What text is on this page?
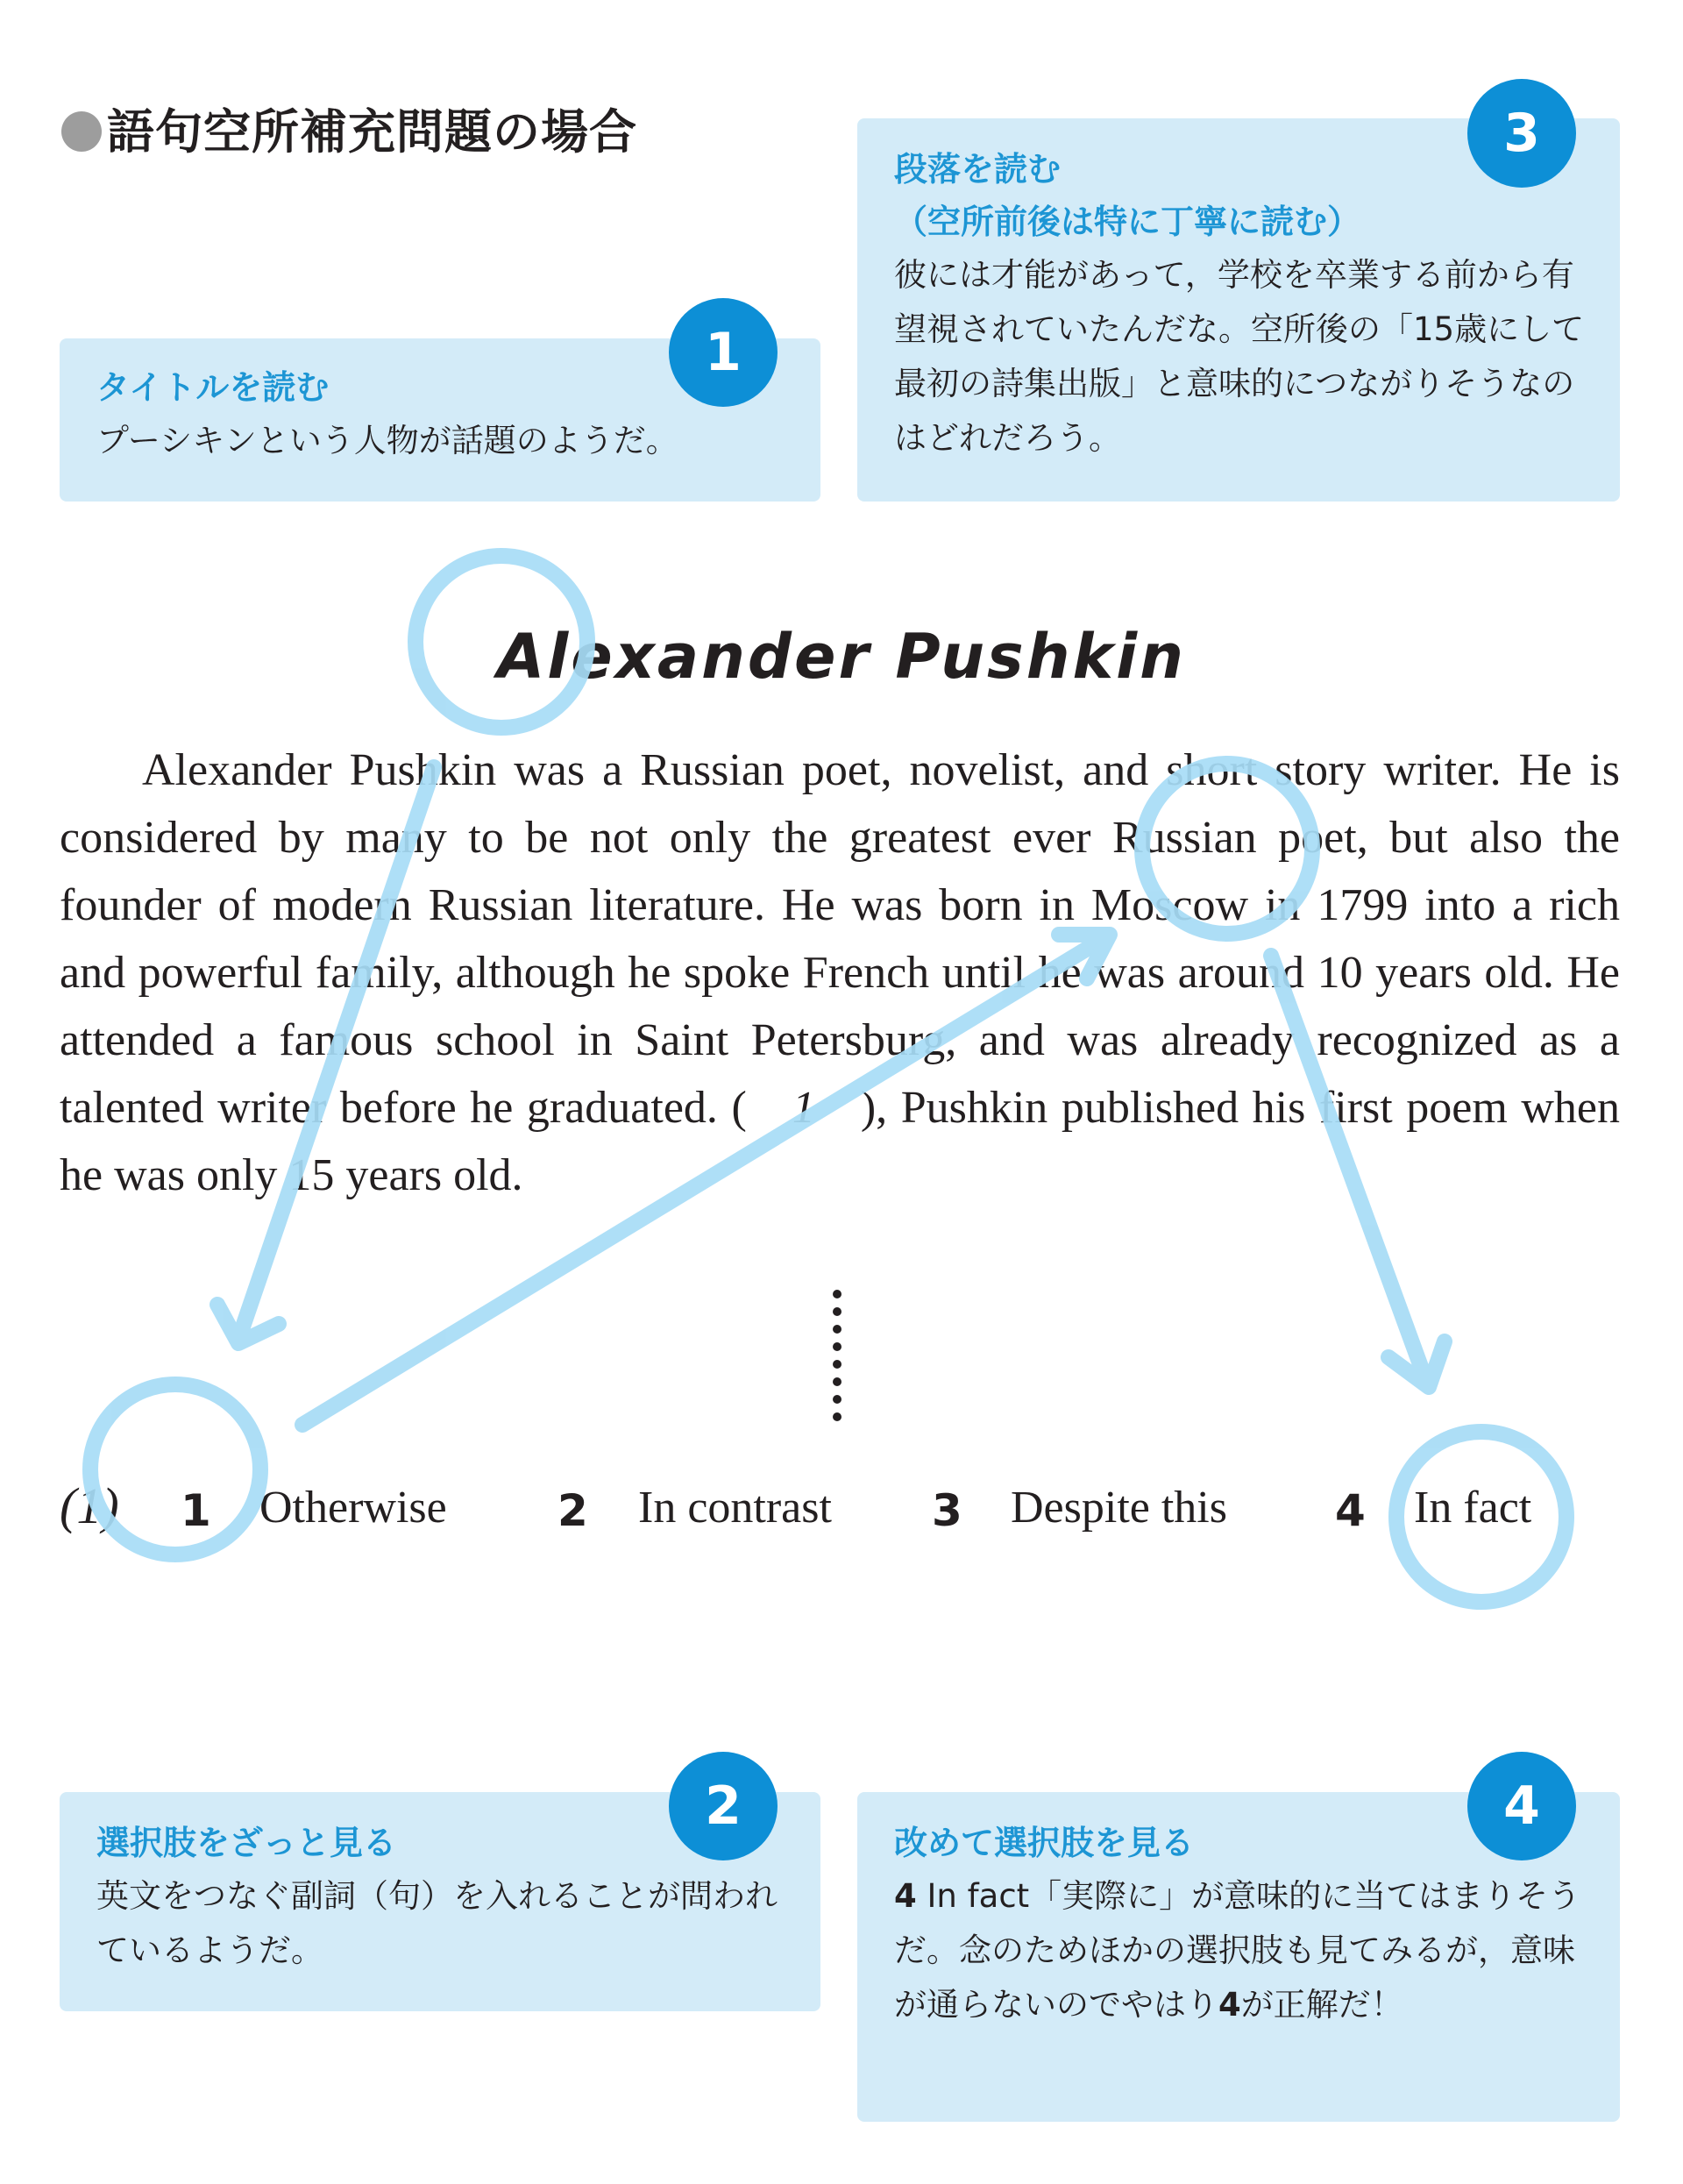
語句空所補充問題の場合
タイトルを読む
プーシキンという人物が話題のようだ。
1
段落を読む
（空所前後は特に丁寧に読む）
彼には才能があって，学校を卒業する前から有望視されていたんだな。空所後の「15歳にして最初の詩集出版」と意味的につながりそうなのはどれだろう。
3
選択肢をざっと見る
英文をつなぐ副詞（句）を入れることが問われているようだ。
2
改めて選択肢を見る
4 In fact「実際に」が意味的に当てはまりそうだ。念のためほかの選択肢も見てみるが，意味が通らないのでやはり4が正解だ！
4
Alexander Pushkin
Alexander Pushkin was a Russian poet, novelist, and short story writer. He is considered by many to be not only the greatest ever Russian poet, but also the founder of modern Russian literature. He was born in Moscow in 1799 into a rich and powerful family, although he spoke French until he was around 10 years old. He attended a famous school in Saint Petersburg, and was already recognized as a talented writer before he graduated. ( 1 ), Pushkin published his first poem when he was only 15 years old.
(1) 1 Otherwise	2 In contrast 3 Despite this 4 In fact
